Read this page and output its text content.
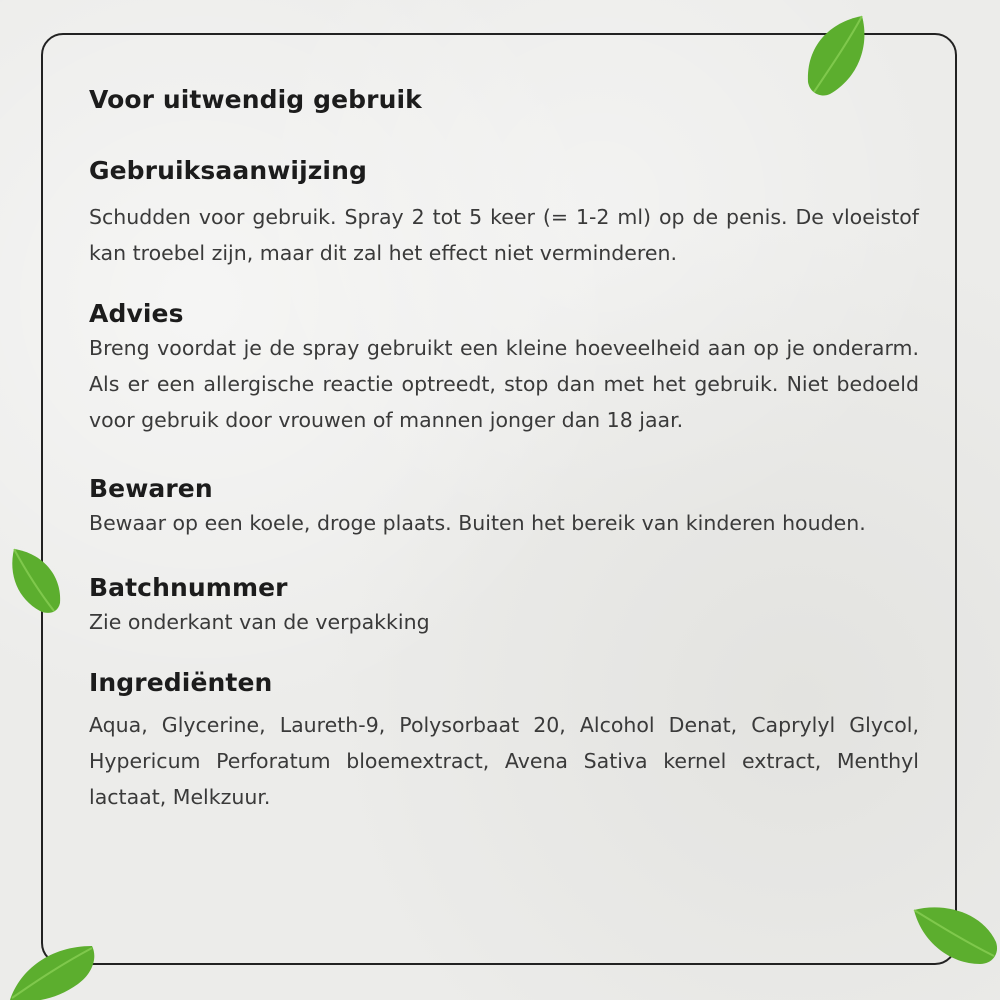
Voor uitwendig gebruik
Gebruiksaanwijzing

Schudden voor gebruik. Spray 2 tot 5 keer (= 1-2 ml) op de penis. De vloeistof kan troebel zijn, maar dit zal het effect niet verminderen.

Advies

Breng voordat je de spray gebruikt een kleine hoeveelheid aan op je onderarm. Als er een allergische reactie optreedt, stop dan met het gebruik. Niet bedoeld voor gebruik door vrouwen of mannen jonger dan 18 jaar.

Bewaren

Bewaar op een koele, droge plaats. Buiten het bereik van kinderen houden.

Batchnummer

Zie onderkant van de verpakking

Ingrediënten

Aqua, Glycerine, Laureth-9, Polysorbaat 20, Alcohol Denat, Caprylyl Glycol, Hypericum Perforatum bloemextract, Avena Sativa kernel extract, Menthyl lactaat, Melkzuur.
